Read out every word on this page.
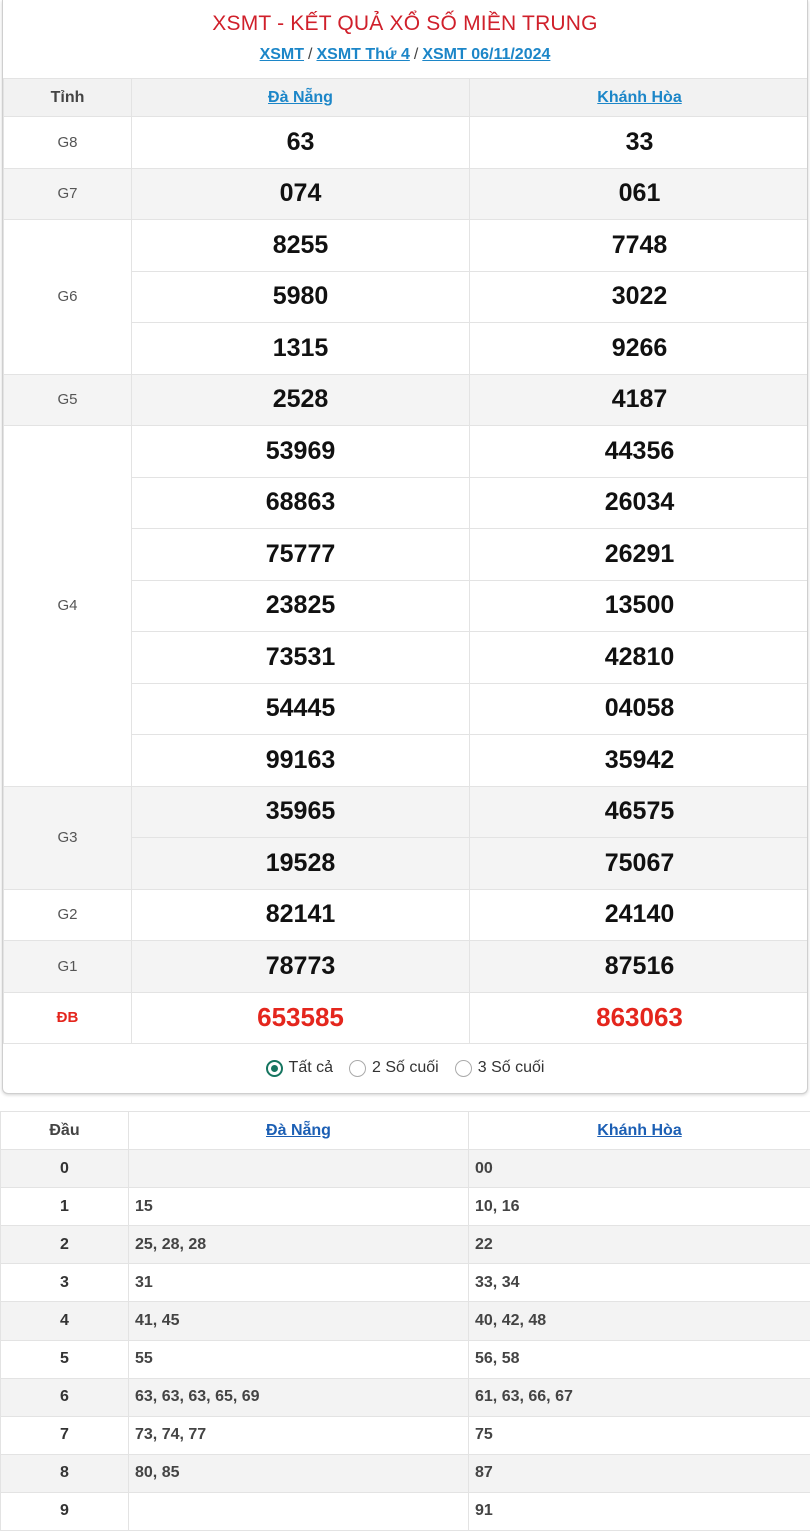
XSMT - KẾT QUẢ XỔ SỐ MIỀN TRUNG
XSMT / XSMT Thứ 4 / XSMT 06/11/2024
Tỉnh	Đà Nẵng	Khánh Hòa
G8	63	33
G7	074	061
G6	8255	7748
	5980	3022
	1315	9266
G5	2528	4187
G4	53969	44356
	68863	26034
	75777	26291
	23825	13500
	73531	42810
	54445	04058
	99163	35942
G3	35965	46575
	19528	75067
G2	82141	24140
G1	78773	87516
ĐB	653585	863063
Tất cả 2 Số cuối 3 Số cuối
Đầu	Đà Nẵng	Khánh Hòa
0		00
1	15	10, 16
2	25, 28, 28	22
3	31	33, 34
4	41, 45	40, 42, 48
5	55	56, 58
6	63, 63, 63, 65, 69	61, 63, 66, 67
7	73, 74, 77	75
8	80, 85	87
9		91
